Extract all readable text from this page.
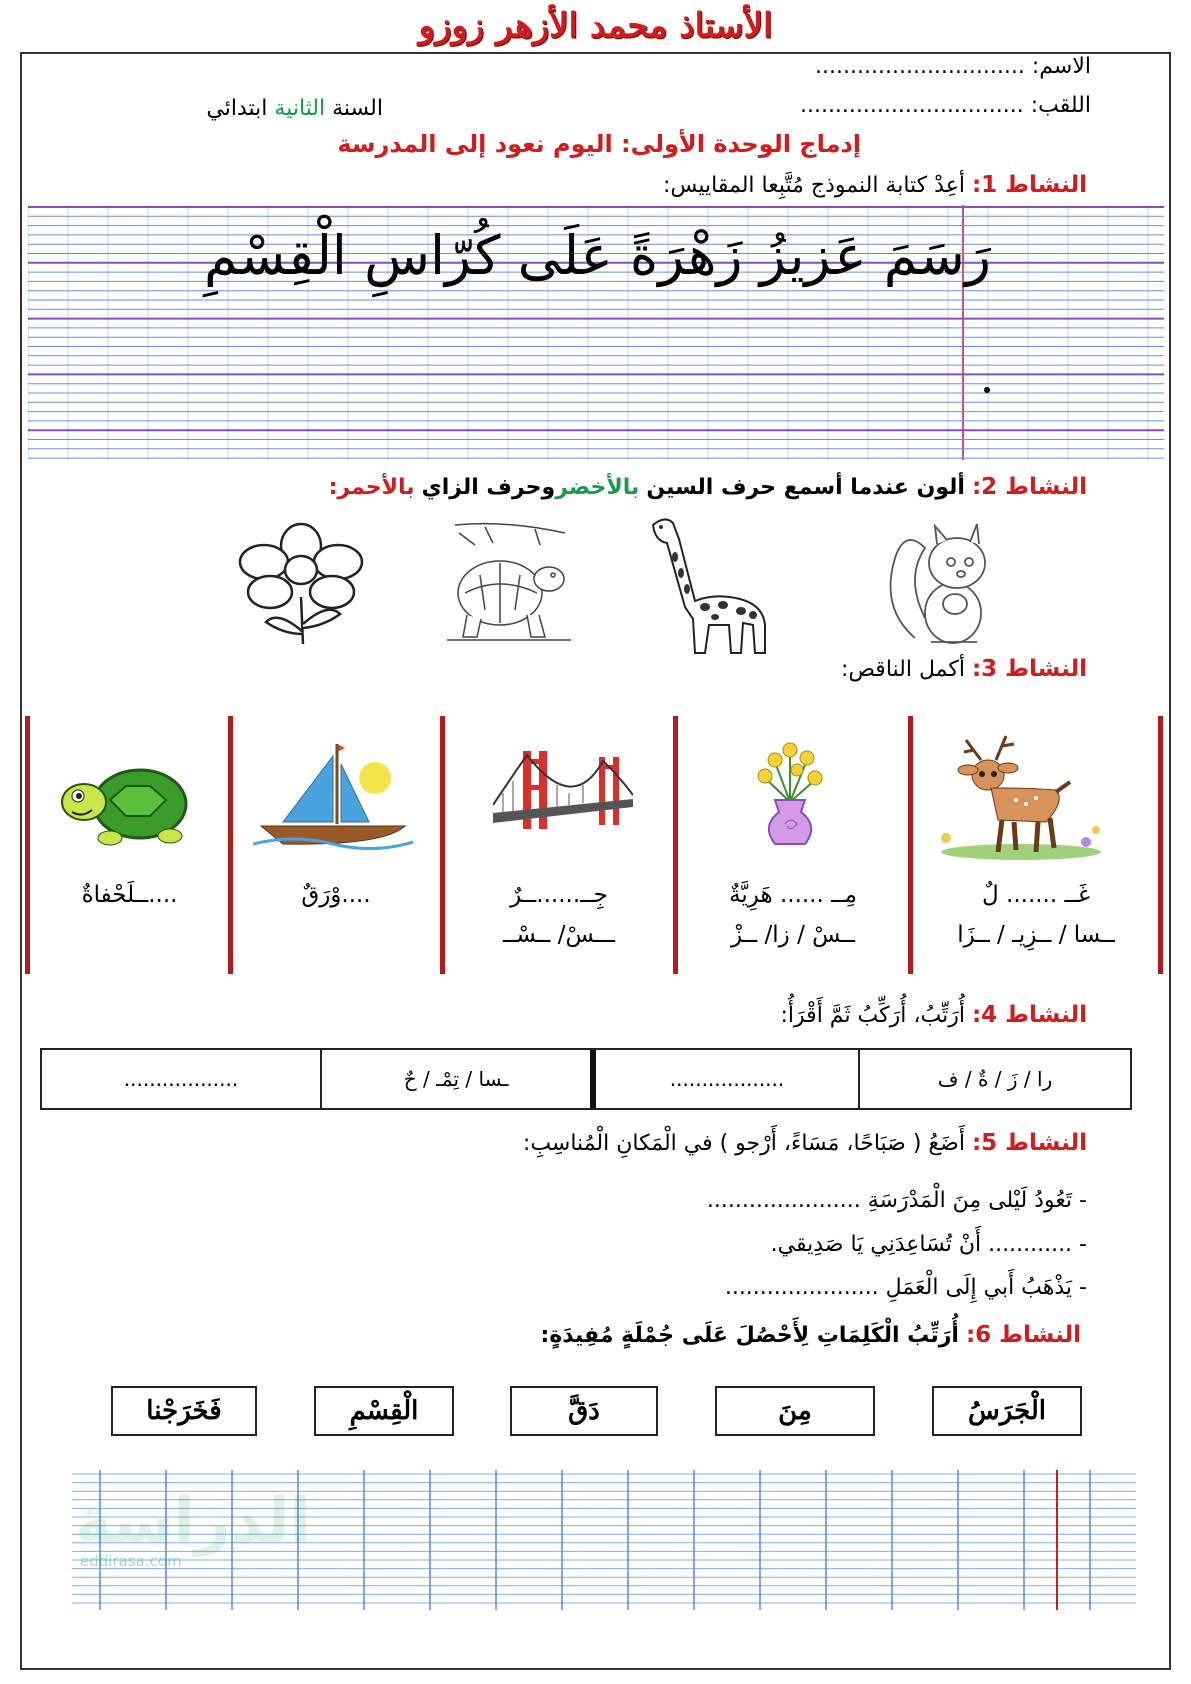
الأستاذ محمد الأزهر زوزو
الاسم: ..............................
اللقب: ................................
السنة الثانية ابتدائي
إدماج الوحدة الأولى: اليوم نعود إلى المدرسة
النشاط 1: أعِدْ كتابة النموذج مُتَّبِعا المقاييس:
رَسَمَ عَزيزُ زَهْرَةً عَلَى كُرّاسِ الْقِسْمِ
النشاط 2: ألون عندما أسمع حرف السين بالأخضروحرف الزاي بالأحمر:
النشاط 3: أكمل الناقص:
غَــ ....... لٌ
ــسا / ــزِيـ / ــزَا
مِــ ...... هَرِيَّةٌ
ــسْ / زا/ ــزْ
جِــ......ــرٌ
ـــسْ/ ــسْــ
....وْرَقٌ
....ــلَحْفاةٌ
النشاط 4: أُرَتِّبُ، أُرَكِّبُ ثَمَّ أَقْرَأُ:
را / زَ / ةٌ / ف
..................
ـسا / تِمْـ / حٌ
..................
النشاط 5: أَضَعُ ( صَبَاحًا، مَسَاءً، أَرْجو ) في الْمَكانِ الْمُناسِبِ:
- تَعُودُ لَيْلى مِنَ الْمَدْرَسَةِ ......................
- ............ أَنْ تُسَاعِدَنِي يَا صَدِيقي.
- يَذْهَبُ أَبي إِلَى الْعَمَلِ ......................
النشاط 6: أُرَتِّبُ الْكَلِمَاتِ لِأَحْصُلَ عَلَى جُمْلَةٍ مُفِيدَةٍ:
الْجَرَسُ
مِنَ
دَقَّ
الْقِسْمِ
فَخَرَجْنا
الدراسة
eddirasa.com
